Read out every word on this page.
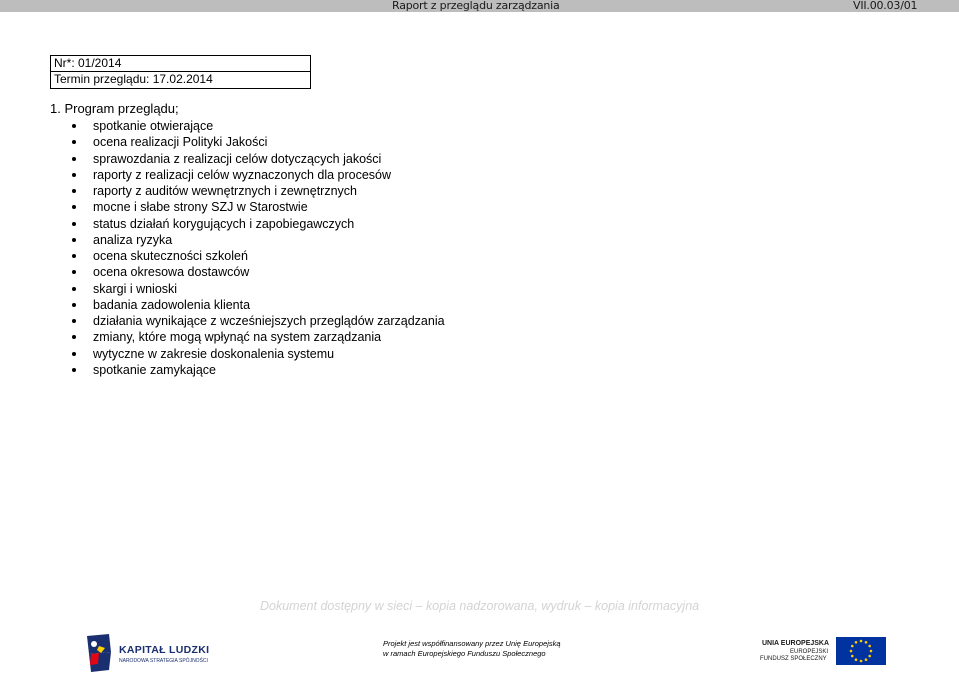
Raport z przeglądu zarządzania	VII.00.03/01
Nr*: 01/2014
Termin przeglądu: 17.02.2014
1. Program przeglądu;
spotkanie otwierające
ocena realizacji Polityki Jakości
sprawozdania z realizacji celów dotyczących jakości
raporty z realizacji celów wyznaczonych dla procesów
raporty z auditów wewnętrznych i zewnętrznych
mocne i słabe strony SZJ w Starostwie
status działań korygujących i zapobiegawczych
analiza ryzyka
ocena skuteczności szkoleń
ocena okresowa dostawców
skargi i wnioski
badania zadowolenia klienta
działania wynikające z wcześniejszych przeglądów zarządzania
zmiany, które mogą wpłynąć na system zarządzania
wytyczne w zakresie doskonalenia systemu
spotkanie zamykające
Dokument dostępny w sieci – kopia nadzorowana, wydruk – kopia informacyjna
KAPITAŁ LUDZKI
NARODOWA STRATEGIA SPÓJNOŚCI
Projekt jest współfinansowany przez Unię Europejską
w ramach Europejskiego Funduszu Społecznego
UNIA EUROPEJSKA
EUROPEJSKI
FUNDUSZ SPOŁECZNY
